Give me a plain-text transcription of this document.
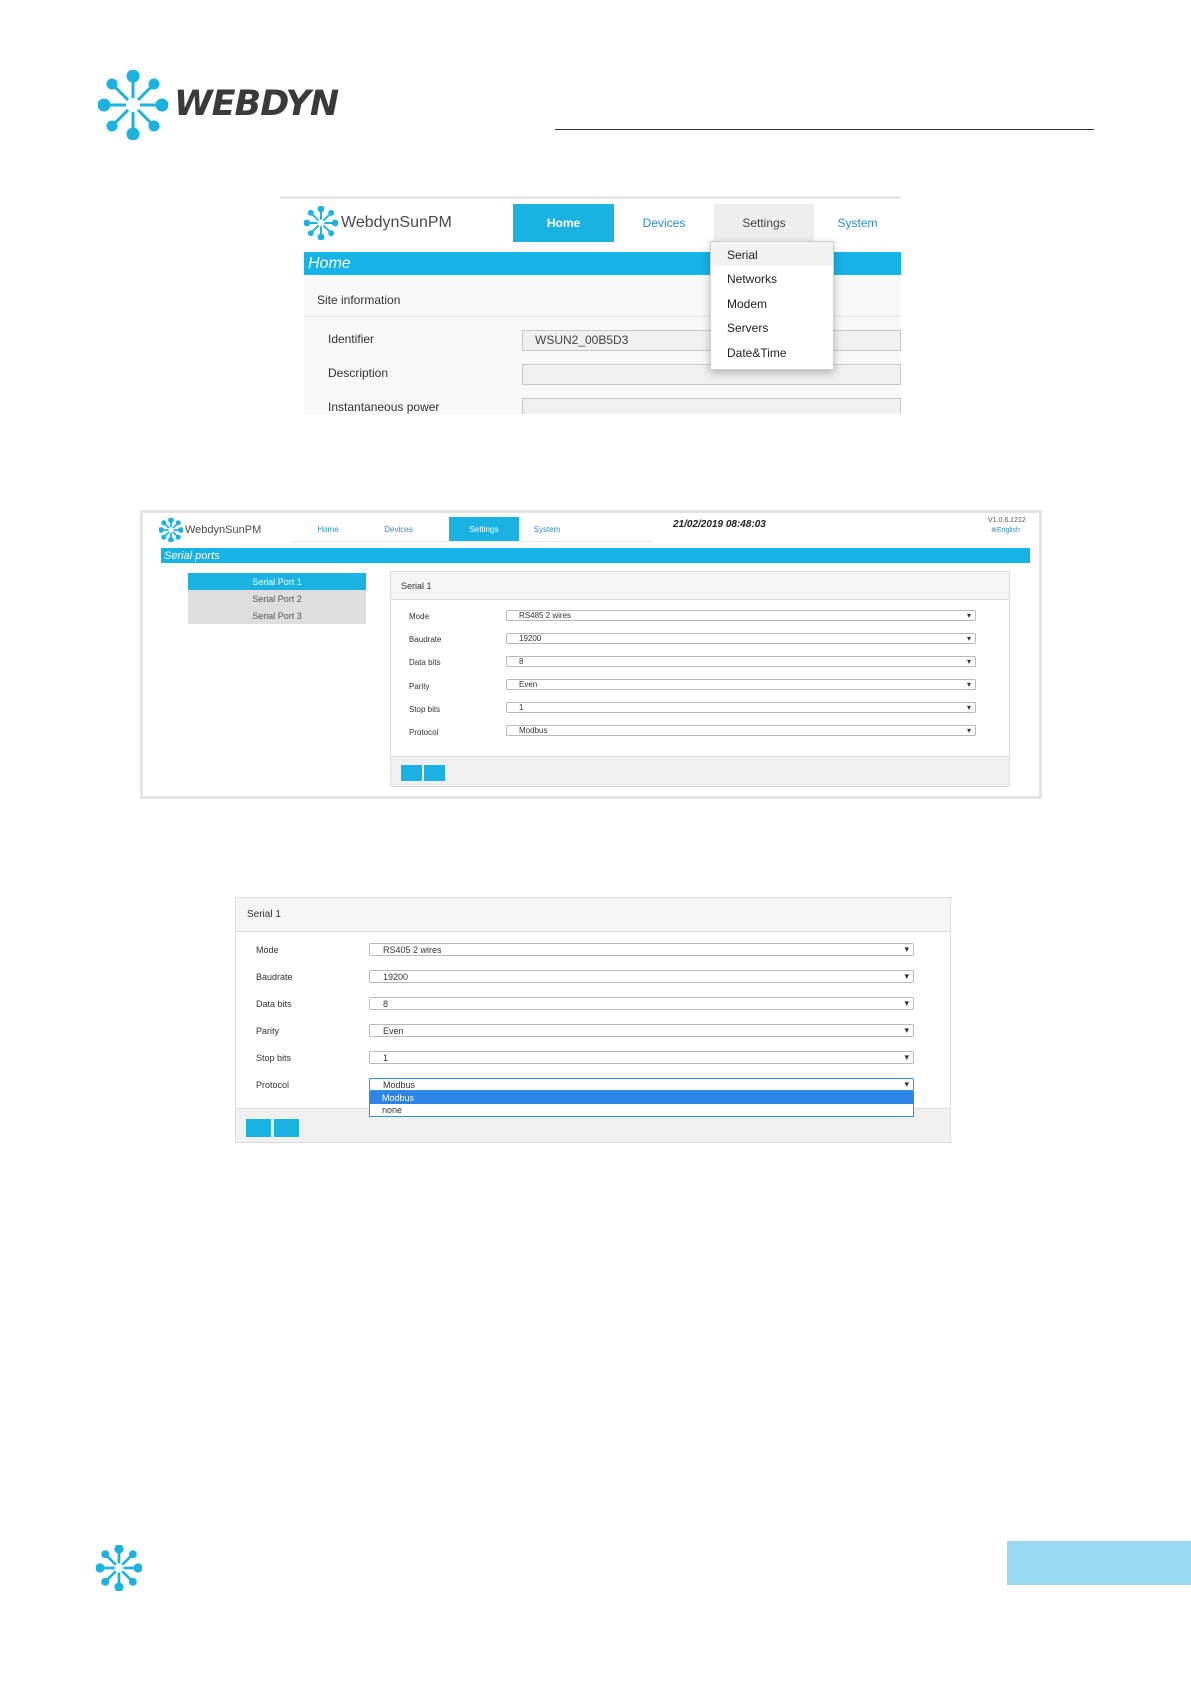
WEBDYN
WebdynSunPM	Home	Devices	Settings	System
Home
Site information
Identifier	WSUN2_00B5D3
Description
Instantaneous power
Serial
Networks
Modem
Servers
Date&Time
WebdynSunPM	Home	Devices	Settings	System	21/02/2019 08:48:03	V1.0.6.1212
⊕ English
Serial ports
Serial Port 1
Serial Port 2
Serial Port 3
Serial 1
Mode	RS485 2 wires	▾
Baudrate	19200	▾
Data bits	8	▾
Parity	Even	▾
Stop bits	1	▾
Protocol	Modbus	▾
Serial 1
Mode	RS405 2 wires	▾
Baudrate	19200	▾
Data bits	8	▾
Parity	Even	▾
Stop bits	1	▾
Protocol	Modbus	▾
Modbus
none
